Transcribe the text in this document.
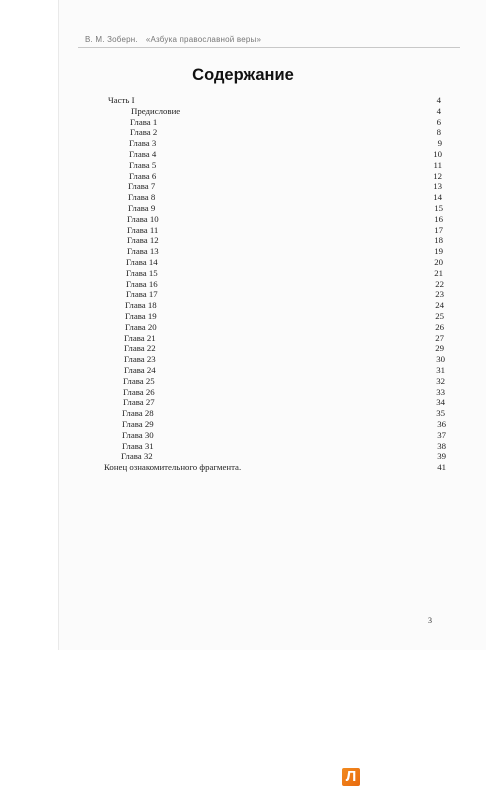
В. М. Зоберн. «Азбука православной веры»
Содержание
Часть I	4
Предисловие	4
Глава 1	6
Глава 2	8
Глава 3	9
Глава 4	10
Глава 5	11
Глава 6	12
Глава 7	13
Глава 8	14
Глава 9	15
Глава 10	16
Глава 11	17
Глава 12	18
Глава 13	19
Глава 14	20
Глава 15	21
Глава 16	22
Глава 17	23
Глава 18	24
Глава 19	25
Глава 20	26
Глава 21	27
Глава 22	29
Глава 23	30
Глава 24	31
Глава 25	32
Глава 26	33
Глава 27	34
Глава 28	35
Глава 29	36
Глава 30	37
Глава 31	38
Глава 32	39
Конец ознакомительного фрагмента.	41
3
Л
